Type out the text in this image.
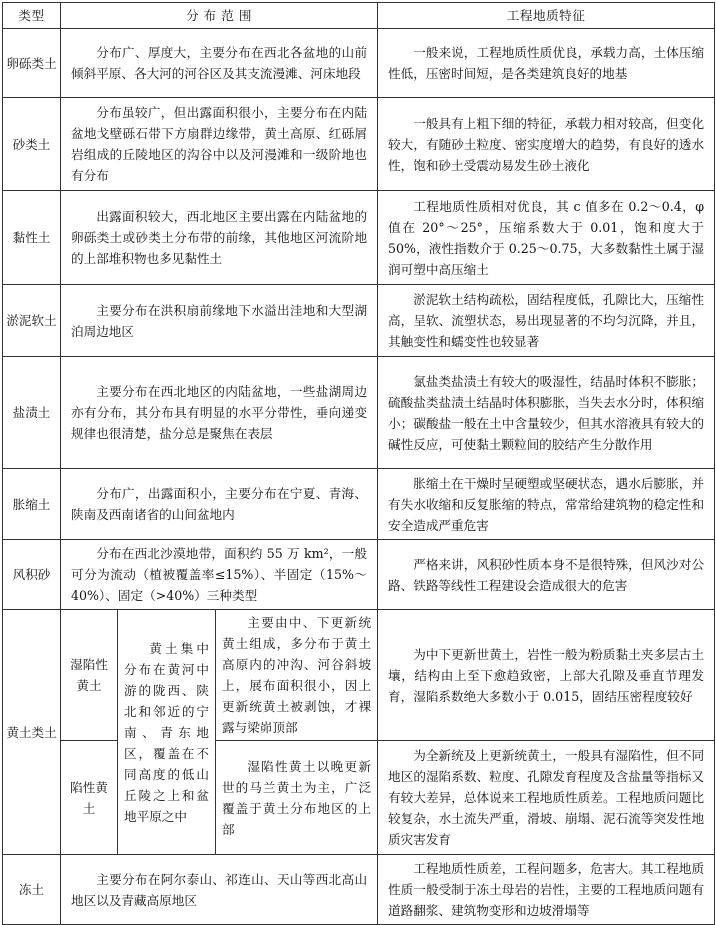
类型	分 布 范 围			工程地质特征
卵砾类土	分布广、厚度大，主要分布在西北各盆地的山前倾斜平原、各大河的河谷区及其支流漫滩、河床地段			一般来说，工程地质性质优良，承载力高，土体压缩性低，压密时间短，是各类建筑良好的地基
砂类土	分布虽较广，但出露面积很小，主要分布在内陆盆地戈壁砾石带下方扇群边缘带，黄土高原、红砾屑岩组成的丘陵地区的沟谷中以及河漫滩和一级阶地也有分布			一般具有上粗下细的特征，承载力相对较高，但变化较大，有随砂土粒度、密实度增大的趋势，有良好的透水性，饱和砂土受震动易发生砂土液化
黏性土	出露面积较大，西北地区主要出露在内陆盆地的卵砾类土或砂类土分布带的前缘，其他地区河流阶地的上部堆积物也多见黏性土			工程地质性质相对优良，其 c 值多在 0.2～0.4，φ 值在 20°～25°，压缩系数大于 0.01，饱和度大于 50%，液性指数介于 0.25～0.75，大多数黏性土属于湿润可塑中高压缩土
淤泥软土	主要分布在洪积扇前缘地下水溢出洼地和大型湖泊周边地区			淤泥软土结构疏松，固结程度低，孔隙比大，压缩性高，呈软、流塑状态，易出现显著的不均匀沉降，并且，其触变性和蠕变性也较显著
盐渍土	主要分布在西北地区的内陆盆地，一些盐湖周边亦有分布，其分布具有明显的水平分带性，垂向递变规律也很清楚，盐分总是聚焦在表层			氯盐类盐渍土有较大的吸湿性，结晶时体积不膨胀；硫酸盐类盐渍土结晶时体积膨胀，当失去水分时，体积缩小；碳酸盐一般在土中含量较少，但其水溶液具有较大的碱性反应，可使黏土颗粒间的胶结产生分散作用
胀缩土	分布广，出露面积小，主要分布在宁夏、青海、陕南及西南诸省的山间盆地内			胀缩土在干燥时呈硬塑或坚硬状态，遇水后膨胀，并有失水收缩和反复胀缩的特点，常常给建筑物的稳定性和安全造成严重危害
风积砂	分布在西北沙漠地带，面积约 55 万 km²，一般可分为流动（植被覆盖率≤15%）、半固定（15%～40%）、固定（>40%）三种类型			严格来讲，风积砂性质本身不是很特殊，但风沙对公路、铁路等线性工程建设会造成很大的危害
黄土类土	湿陷性黄土	黄土集中分布在黄河中游的陇西、陕北和邻近的宁南、青东地区，覆盖在不同高度的低山丘陵之上和盆地平原之中	主要由中、下更新统黄土组成，多分布于黄土高原内的冲沟、河谷斜坡上，展布面积很小，因上更新统黄土被剥蚀，才裸露与梁峁顶部	为中下更新世黄土，岩性一般为粉质黏土夹多层古土壤，结构由上至下愈趋致密，上部大孔隙及垂直节理发育，湿陷系数绝大多数小于 0.015，固结压密程度较好
	陷性黄土		湿陷性黄土以晚更新世的马兰黄土为主，广泛覆盖于黄土分布地区的上部	为全新统及上更新统黄土，一般具有湿陷性，但不同地区的湿陷系数、粒度、孔隙发育程度及含盐量等指标又有较大差异，总体说来工程地质性质差。工程地质问题比较复杂，水土流失严重，滑坡、崩塌、泥石流等突发性地质灾害发育
冻土	主要分布在阿尔泰山、祁连山、天山等西北高山地区以及青藏高原地区			工程地质性质差，工程问题多，危害大。其工程地质性质一般受制于冻土母岩的岩性，主要的工程地质问题有道路翻浆、建筑物变形和边坡滑塌等
